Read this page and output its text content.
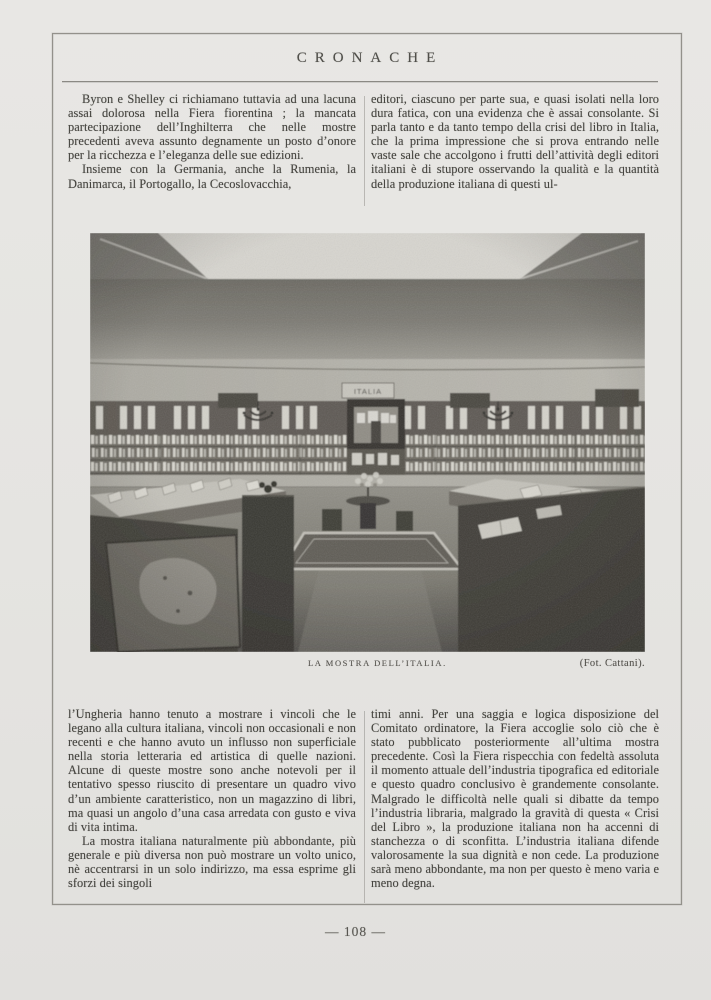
CRONACHE

Byron e Shelley ci richiamano tuttavia ad una lacuna assai dolorosa nella Fiera fiorentina ; la mancata partecipazione dell’Inghilterra che nelle mostre precedenti aveva assunto degnamente un posto d’onore per la ricchezza e l’eleganza delle sue edizioni.

Insieme con la Germania, anche la Rumenia, la Danimarca, il Portogallo, la Cecoslovacchia,

editori, ciascuno per parte sua, e quasi isolati nella loro dura fatica, con una evidenza che è assai consolante. Si parla tanto e da tanto tempo della crisi del libro in Italia, che la prima impressione che si prova entrando nelle vaste sale che accolgono i frutti dell’attività degli editori italiani è di stupore osservando la qualità e la quantità della produzione italiana di questi ul-

LA MOSTRA DELL’ITALIA.	(Fot. Cattani).

l’Ungheria hanno tenuto a mostrare i vincoli che le legano alla cultura italiana, vincoli non occasionali e non recenti e che hanno avuto un influsso non superficiale nella storia letteraria ed artistica di quelle nazioni. Alcune di queste mostre sono anche notevoli per il tentativo spesso riuscito di presentare un quadro vivo d’un ambiente caratteristico, non un magazzino di libri, ma quasi un angolo d’una casa arredata con gusto e viva di vita intima.

La mostra italiana naturalmente più abbondante, più generale e più diversa non può mostrare un volto unico, nè accentrarsi in un solo indirizzo, ma essa esprime gli sforzi dei singoli

timi anni. Per una saggia e logica disposizione del Comitato ordinatore, la Fiera accoglie solo ciò che è stato pubblicato posteriormente all’ultima mostra precedente. Così la Fiera rispecchia con fedeltà assoluta il momento attuale dell’industria tipografica ed editoriale e questo quadro conclusivo è grandemente consolante. Malgrado le difficoltà nelle quali si dibatte da tempo l’industria libraria, malgrado la gravità di questa « Crisi del Libro », la produzione italiana non ha accenni di stanchezza o di sconfitta. L’industria italiana difende valorosamente la sua dignità e non cede. La produzione sarà meno abbondante, ma non per questo è meno varia e meno degna.

— 108 —
